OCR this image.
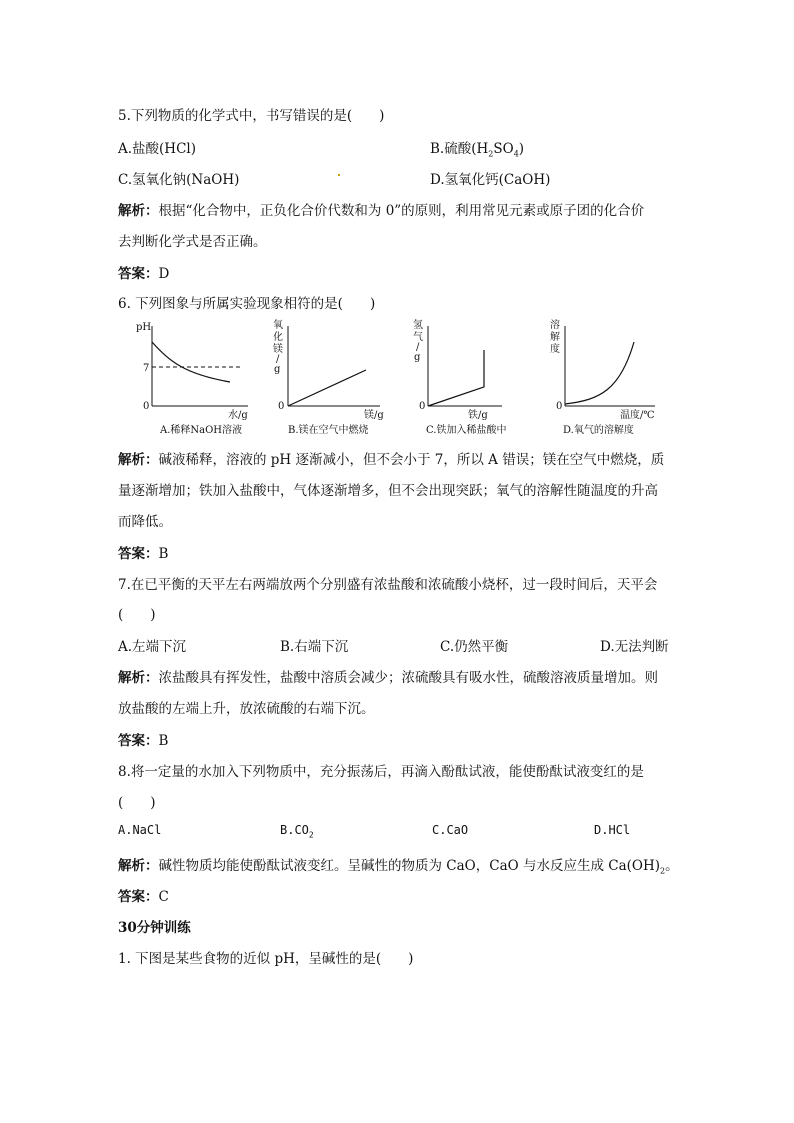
5.下列物质的化学式中，书写错误的是(　　)
A.盐酸(HCl)	B.硫酸$(H_2SO_4)$
C.氢氧化钠(NaOH)	D.氢氧化钙(CaOH)
解析：根据“化合物中，正负化合价代数和为 0”的原则，利用常见元素或原子团的化合价
去判断化学式是否正确。
答案：D
6. 下列图象与所属实验现象相符的是(　　)
pH
7
0
水/g
A.稀释NaOH溶液
氧
化
镁
/
g
0
镁/g
B.镁在空气中燃烧
氢
气
/
g
0
铁/g
C.铁加入稀盐酸中
溶
解
度
0
温度/℃
D.氧气的溶解度
解析：碱液稀释，溶液的 pH 逐渐减小，但不会小于 7，所以 A 错误；镁在空气中燃烧，质
量逐渐增加；铁加入盐酸中，气体逐渐增多，但不会出现突跃；氧气的溶解性随温度的升高
而降低。
答案：B
7.在已平衡的天平左右两端放两个分别盛有浓盐酸和浓硫酸小烧杯，过一段时间后，天平会
(　　)
A.左端下沉	B.右端下沉	C.仍然平衡	D.无法判断
解析：浓盐酸具有挥发性，盐酸中溶质会减少；浓硫酸具有吸水性，硫酸溶液质量增加。则
放盐酸的左端上升，放浓硫酸的右端下沉。
答案：B
8.将一定量的水加入下列物质中，充分振荡后，再滴入酚酞试液，能使酚酞试液变红的是
(　　)
A.NaCl	$B.CO_2$	C.CaO	D.HCl
解析：碱性物质均能使酚酞试液变红。呈碱性的物质为 CaO，CaO 与水反应生成 $Ca(OH)_2$。
答案：C
30分钟训练
1. 下图是某些食物的近似 pH，呈碱性的是(　　)
